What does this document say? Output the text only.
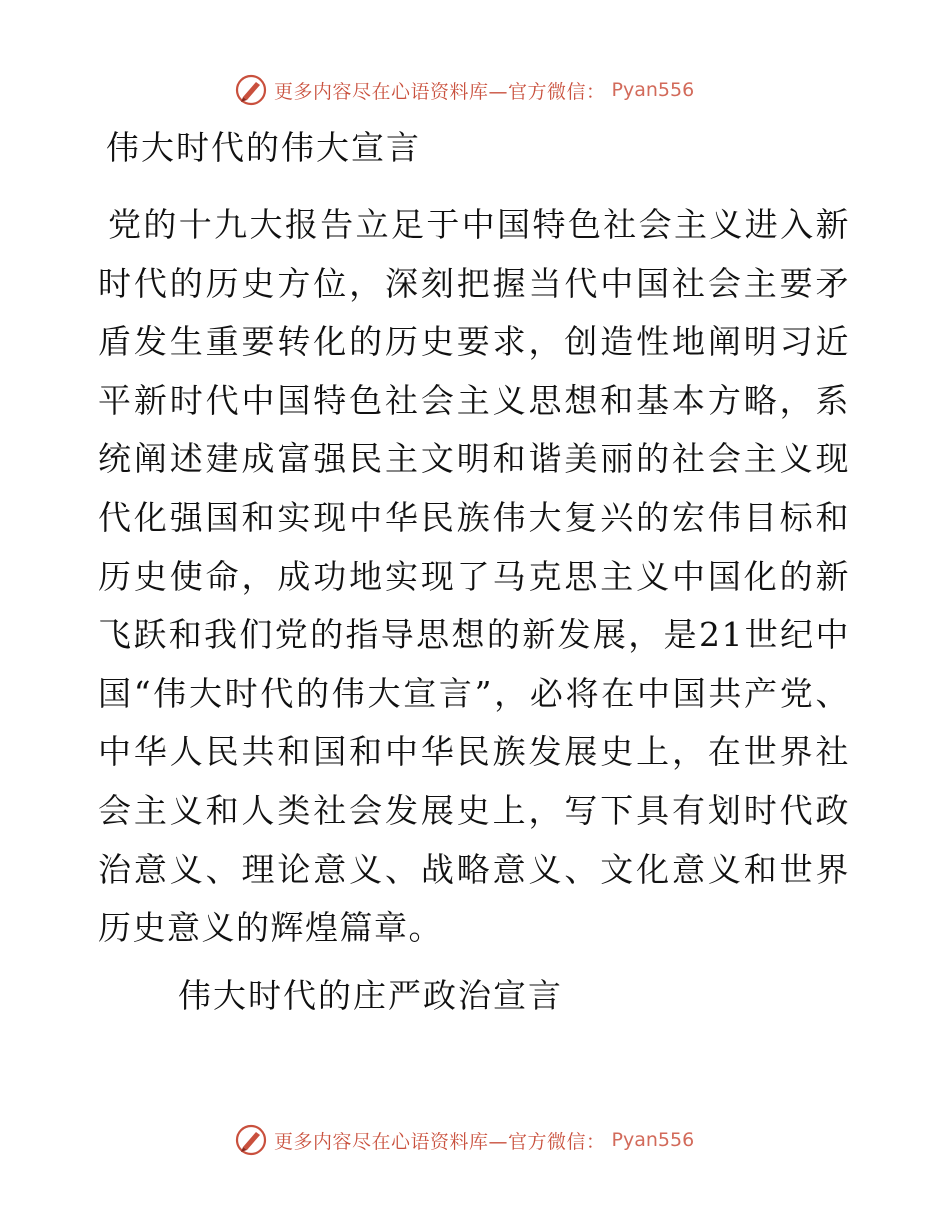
更多内容尽在心语资料库—官方微信： Pyan556
伟大时代的伟大宣言

党的十九大报告立足于中国特色社会主义进入新时代的历史方位，深刻把握当代中国社会主要矛盾发生重要转化的历史要求，创造性地阐明习近平新时代中国特色社会主义思想和基本方略，系统阐述建成富强民主文明和谐美丽的社会主义现代化强国和实现中华民族伟大复兴的宏伟目标和历史使命，成功地实现了马克思主义中国化的新飞跃和我们党的指导思想的新发展，是21世纪中国“伟大时代的伟大宣言”，必将在中国共产党、中华人民共和国和中华民族发展史上，在世界社会主义和人类社会发展史上，写下具有划时代政治意义、理论意义、战略意义、文化意义和世界历史意义的辉煌篇章。

伟大时代的庄严政治宣言
更多内容尽在心语资料库—官方微信： Pyan556
